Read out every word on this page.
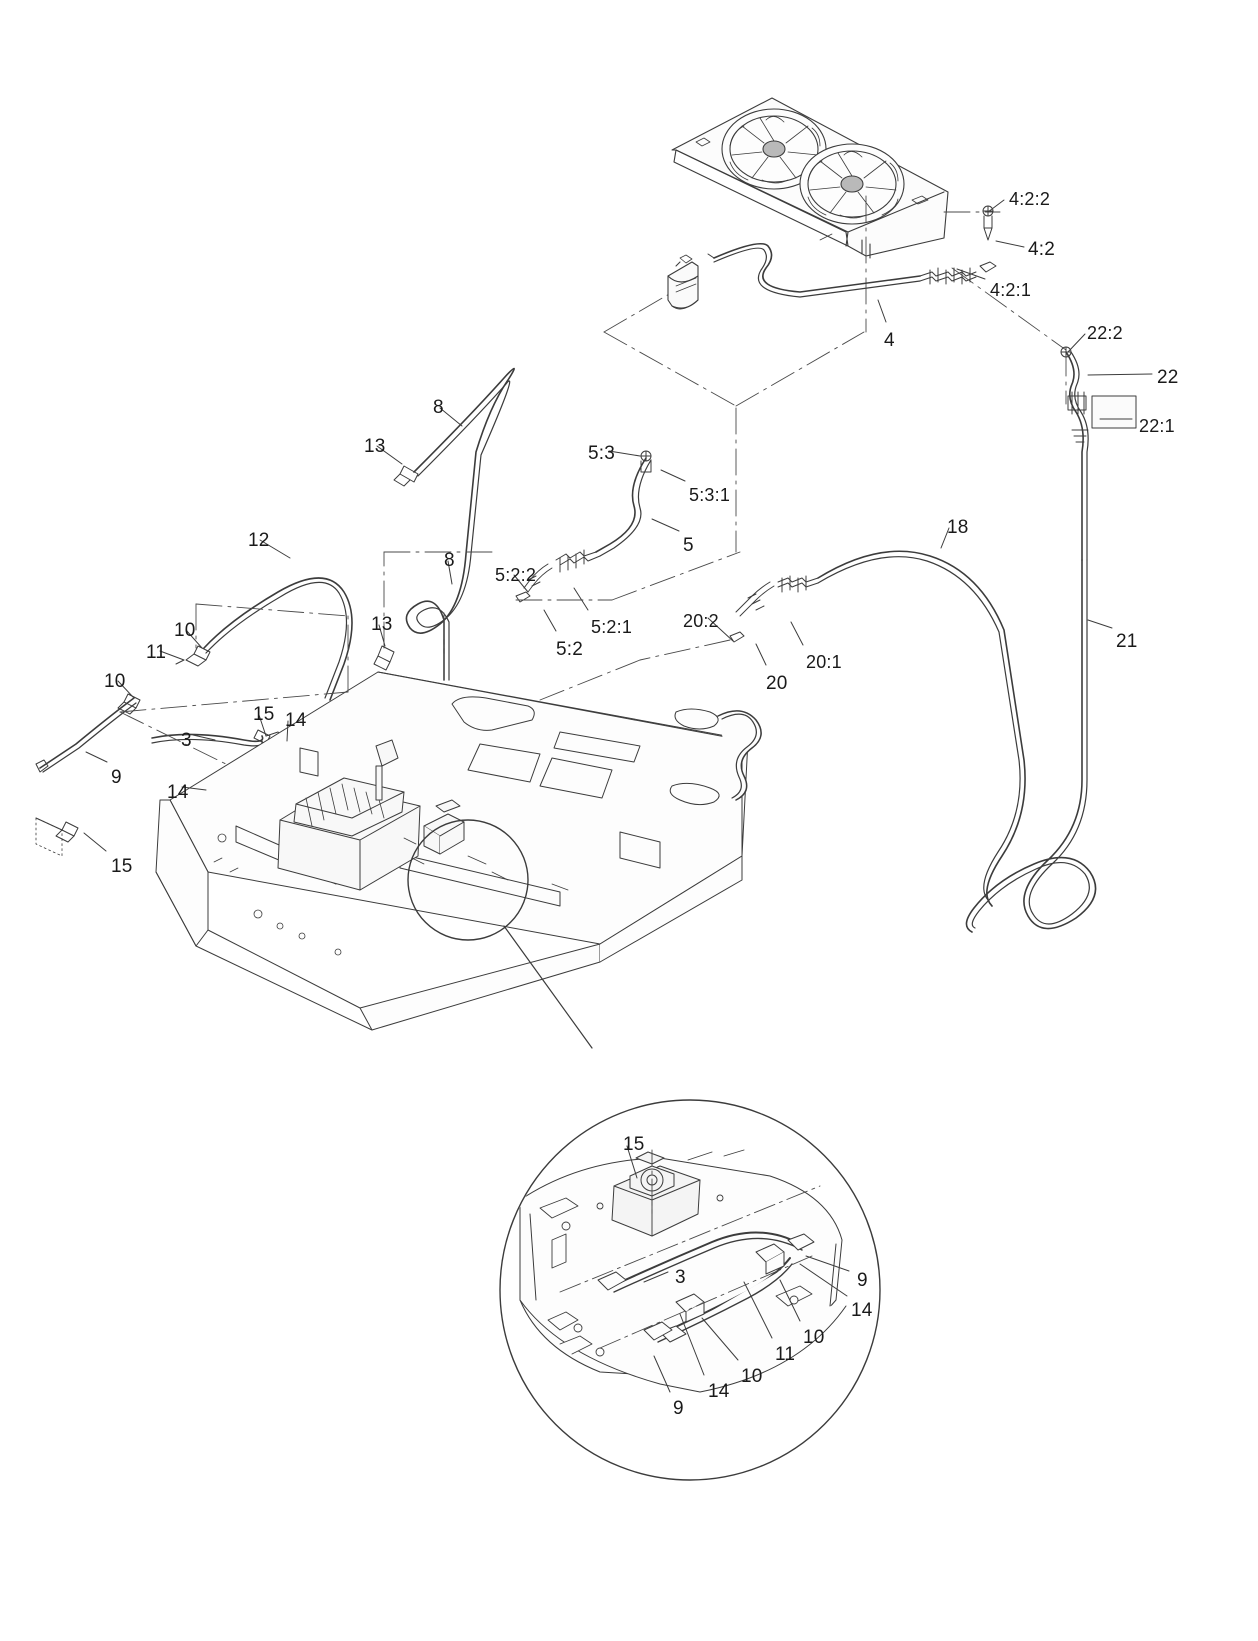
4:2:2
4:2
4:2:1
4	22:2
22
22:1
8
13	5:3
5:3:1
5
12
18
8
5:2:2
5:2:1
5:2
20:2
20:1
20
13
10
11
21
10
15 14
3
9
14
15
15
3	9
14
10
11
10
14
9
